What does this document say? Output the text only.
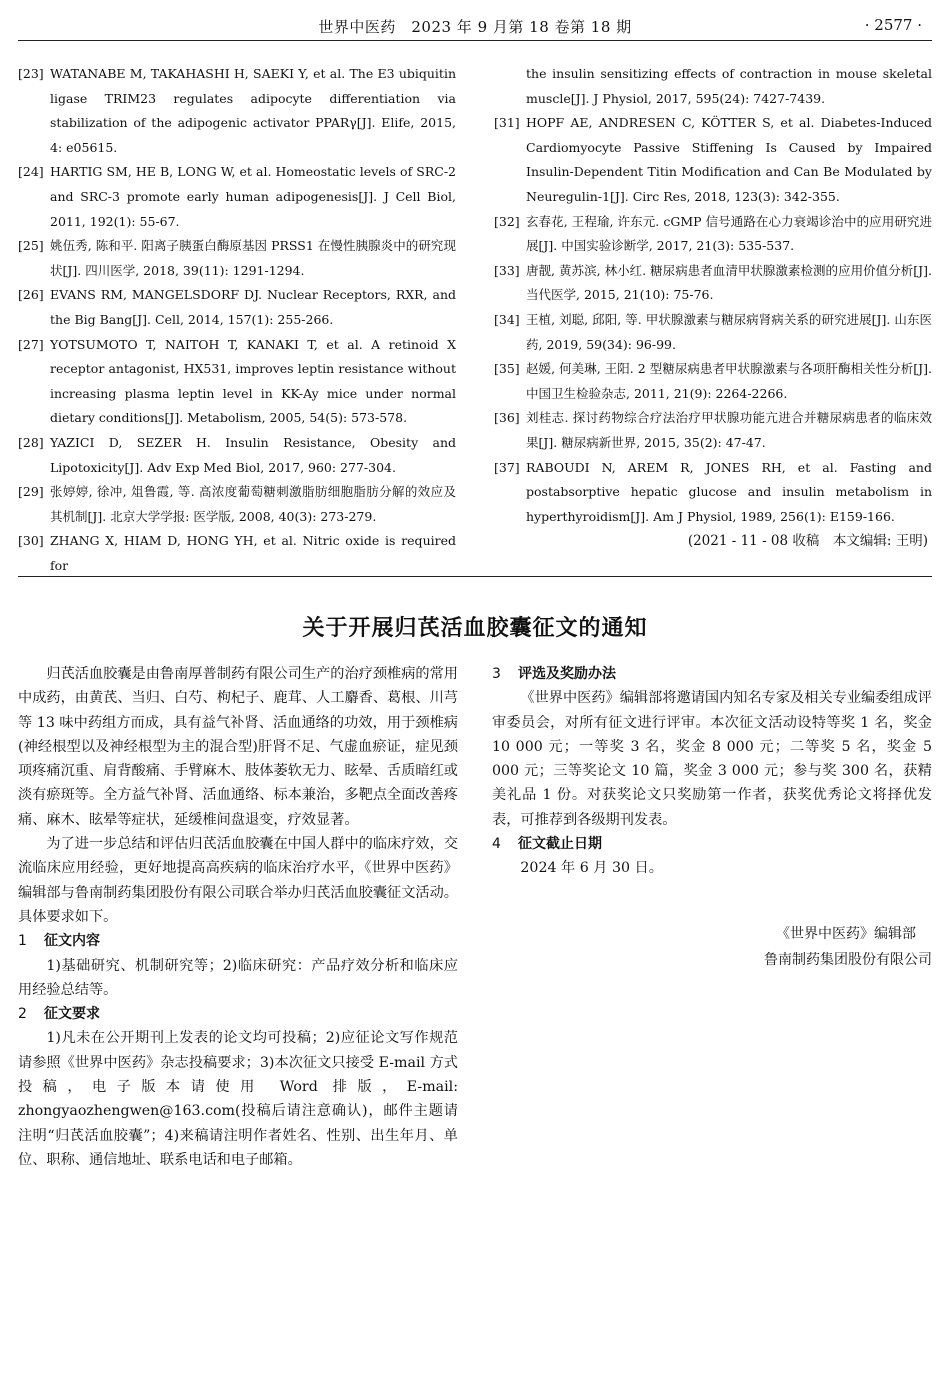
世界中医药　2023 年 9 月第 18 卷第 18 期	· 2577 ·
[23] WATANABE M, TAKAHASHI H, SAEKI Y, et al. The E3 ubiquitin ligase TRIM23 regulates adipocyte differentiation via stabilization of the adipogenic activator PPARγ[J]. Elife, 2015, 4: e05615.
[24] HARTIG SM, HE B, LONG W, et al. Homeostatic levels of SRC-2 and SRC-3 promote early human adipogenesis[J]. J Cell Biol, 2011, 192(1): 55-67.
[25] 姚伍秀, 陈和平. 阳离子胰蛋白酶原基因 PRSS1 在慢性胰腺炎中的研究现状[J]. 四川医学, 2018, 39(11): 1291-1294.
[26] EVANS RM, MANGELSDORF DJ. Nuclear Receptors, RXR, and the Big Bang[J]. Cell, 2014, 157(1): 255-266.
[27] YOTSUMOTO T, NAITOH T, KANAKI T, et al. A retinoid X receptor antagonist, HX531, improves leptin resistance without increasing plasma leptin level in KK-Ay mice under normal dietary conditions[J]. Metabolism, 2005, 54(5): 573-578.
[28] YAZICI D, SEZER H. Insulin Resistance, Obesity and Lipotoxicity[J]. Adv Exp Med Biol, 2017, 960: 277-304.
[29] 张婷婷, 徐冲, 俎鲁霞, 等. 高浓度葡萄糖刺激脂肪细胞脂肪分解的效应及其机制[J]. 北京大学学报: 医学版, 2008, 40(3): 273-279.
[30] ZHANG X, HIAM D, HONG YH, et al. Nitric oxide is required for
the insulin sensitizing effects of contraction in mouse skeletal muscle[J]. J Physiol, 2017, 595(24): 7427-7439.
[31] HOPF AE, ANDRESEN C, KÖTTER S, et al. Diabetes-Induced Cardiomyocyte Passive Stiffening Is Caused by Impaired Insulin-Dependent Titin Modification and Can Be Modulated by Neuregulin-1[J]. Circ Res, 2018, 123(3): 342-355.
[32] 玄春花, 王程瑜, 许东元. cGMP 信号通路在心力衰竭诊治中的应用研究进展[J]. 中国实验诊断学, 2017, 21(3): 535-537.
[33] 唐靓, 黄苏滨, 林小红. 糖尿病患者血清甲状腺激素检测的应用价值分析[J]. 当代医学, 2015, 21(10): 75-76.
[34] 王植, 刘聪, 邱阳, 等. 甲状腺激素与糖尿病肾病关系的研究进展[J]. 山东医药, 2019, 59(34): 96-99.
[35] 赵媛, 何美琳, 王阳. 2 型糖尿病患者甲状腺激素与各项肝酶相关性分析[J]. 中国卫生检验杂志, 2011, 21(9): 2264-2266.
[36] 刘桂志. 探讨药物综合疗法治疗甲状腺功能亢进合并糖尿病患者的临床效果[J]. 糖尿病新世界, 2015, 35(2): 47-47.
[37] RABOUDI N, AREM R, JONES RH, et al. Fasting and postabsorptive hepatic glucose and insulin metabolism in hyperthyroidism[J]. Am J Physiol, 1989, 256(1): E159-166.
(2021 - 11 - 08 收稿　本文编辑: 王明)
关于开展归芪活血胶囊征文的通知

归芪活血胶囊是由鲁南厚普制药有限公司生产的治疗颈椎病的常用中成药，由黄芪、当归、白芍、枸杞子、鹿茸、人工麝香、葛根、川芎等 13 味中药组方而成，具有益气补肾、活血通络的功效，用于颈椎病(神经根型以及神经根型为主的混合型)肝肾不足、气虚血瘀证，症见颈项疼痛沉重、肩背酸痛、手臂麻木、肢体萎软无力、眩晕、舌质暗红或淡有瘀斑等。全方益气补肾、活血通络、标本兼治，多靶点全面改善疼痛、麻木、眩晕等症状，延缓椎间盘退变，疗效显著。

为了进一步总结和评估归芪活血胶囊在中国人群中的临床疗效，交流临床应用经验，更好地提高高疾病的临床治疗水平，《世界中医药》编辑部与鲁南制药集团股份有限公司联合举办归芪活血胶囊征文活动。具体要求如下。

1 征文内容

1)基础研究、机制研究等；2)临床研究：产品疗效分析和临床应用经验总结等。

2 征文要求

1)凡未在公开期刊上发表的论文均可投稿；2)应征论文写作规范请参照《世界中医药》杂志投稿要求；3)本次征文只接受 E-mail 方式投稿，电子版本请使用 Word 排版，E-mail: zhongyaozhengwen@163.com(投稿后请注意确认)，邮件主题请注明“归芪活血胶囊”；4)来稿请注明作者姓名、性别、出生年月、单位、职称、通信地址、联系电话和电子邮箱。

3 评选及奖励办法

《世界中医药》编辑部将邀请国内知名专家及相关专业编委组成评审委员会，对所有征文进行评审。本次征文活动设特等奖 1 名，奖金 10 000 元；一等奖 3 名，奖金 8 000 元；二等奖 5 名，奖金 5 000 元；三等奖论文 10 篇，奖金 3 000 元；参与奖 300 名，获精美礼品 1 份。对获奖论文只奖励第一作者，获奖优秀论文将择优发表，可推荐到各级期刊发表。

4 征文截止日期

2024 年 6 月 30 日。

《世界中医药》编辑部
鲁南制药集团股份有限公司
